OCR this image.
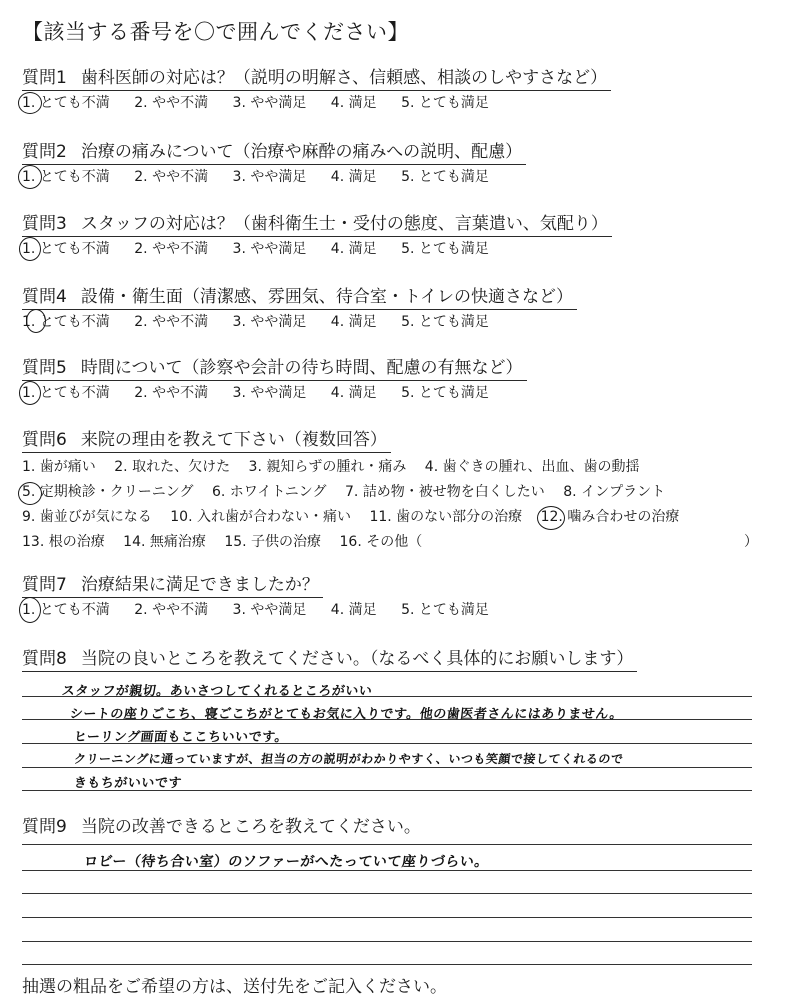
【該当する番号を〇で囲んでください】
質問1 歯科医師の対応は？（説明の明解さ、信頼感、相談のしやすさなど）
1. とても不満 2. やや不満 3. やや満足 4. 満足 5. とても満足
質問2 治療の痛みについて（治療や麻酔の痛みへの説明、配慮）
1. とても不満 2. やや不満 3. やや満足 4. 満足 5. とても満足
質問3 スタッフの対応は？（歯科衛生士・受付の態度、言葉遣い、気配り）
1. とても不満 2. やや不満 3. やや満足 4. 満足 5. とても満足
質問4 設備・衛生面（清潔感、雰囲気、待合室・トイレの快適さなど）
1. とても不満 2. やや不満 3. やや満足 4. 満足 5. とても満足
質問5 時間について（診察や会計の待ち時間、配慮の有無など）
1. とても不満 2. やや不満 3. やや満足 4. 満足 5. とても満足
質問6 来院の理由を教えて下さい（複数回答）
1. 歯が痛い 2. 取れた、欠けた 3. 親知らずの腫れ・痛み 4. 歯ぐきの腫れ、出血、歯の動揺
5. 定期検診・クリーニング 6. ホワイトニング 7. 詰め物・被せ物を白くしたい 8. インプラント
9. 歯並びが気になる 10. 入れ歯が合わない・痛い 11. 歯のない部分の治療 12. 噛み合わせの治療
13. 根の治療 14. 無痛治療 15. 子供の治療 16. その他（	）
質問7 治療結果に満足できましたか？
1. とても不満 2. やや不満 3. やや満足 4. 満足 5. とても満足
質問8 当院の良いところを教えてください。（なるべく具体的にお願いします）
スタッフが親切。あいさつしてくれるところがいい
シートの座りごこち、寝ごこちがとてもお気に入りです。他の歯医者さんにはありません。
ヒーリング画面もここちいいです。
クリーニングに通っていますが、担当の方の説明がわかりやすく、いつも笑顔で接してくれるので
きもちがいいです
質問9 当院の改善できるところを教えてください。
ロビー（待ち合い室）のソファーがへたっていて座りづらい。
抽選の粗品をご希望の方は、送付先をご記入ください。
